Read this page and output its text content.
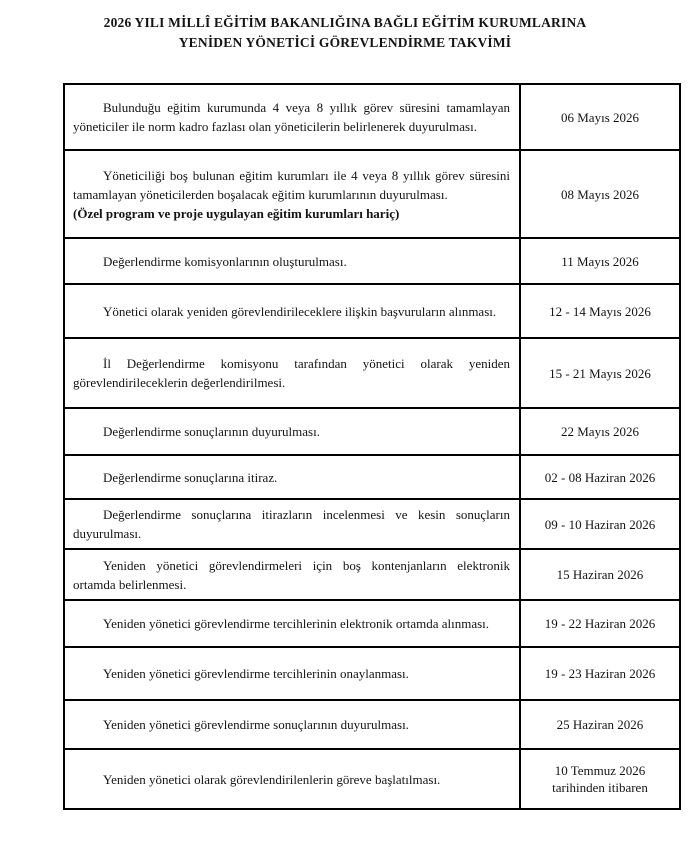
2026 YILI MİLLÎ EĞİTİM BAKANLIĞINA BAĞLI EĞİTİM KURUMLARINA
YENİDEN YÖNETİCİ GÖREVLENDİRME TAKVİMİ

Bulunduğu eğitim kurumunda 4 veya 8 yıllık görev süresini tamamlayan yöneticiler ile norm kadro fazlası olan yöneticilerin belirlenerek duyurulması.	06 Mayıs 2026

Yöneticiliği boş bulunan eğitim kurumları ile 4 veya 8 yıllık görev süresini tamamlayan yöneticilerden boşalacak eğitim kurumlarının duyurulması.

(Özel program ve proje uygulayan eğitim kurumları hariç)	08 Mayıs 2026

Değerlendirme komisyonlarının oluşturulması.	11 Mayıs 2026

Yönetici olarak yeniden görevlendirileceklere ilişkin başvuruların alınması.	12 - 14 Mayıs 2026

İl Değerlendirme komisyonu tarafından yönetici olarak yeniden görevlendirileceklerin değerlendirilmesi.	15 - 21 Mayıs 2026

Değerlendirme sonuçlarının duyurulması.	22 Mayıs 2026

Değerlendirme sonuçlarına itiraz.	02 - 08 Haziran 2026

Değerlendirme sonuçlarına itirazların incelenmesi ve kesin sonuçların duyurulması.	09 - 10 Haziran 2026

Yeniden yönetici görevlendirmeleri için boş kontenjanların elektronik ortamda belirlenmesi.	15 Haziran 2026

Yeniden yönetici görevlendirme tercihlerinin elektronik ortamda alınması.	19 - 22 Haziran 2026

Yeniden yönetici görevlendirme tercihlerinin onaylanması.	19 - 23 Haziran 2026

Yeniden yönetici görevlendirme sonuçlarının duyurulması.	25 Haziran 2026

Yeniden yönetici olarak görevlendirilenlerin göreve başlatılması.	10 Temmuz 2026 tarihinden itibaren
